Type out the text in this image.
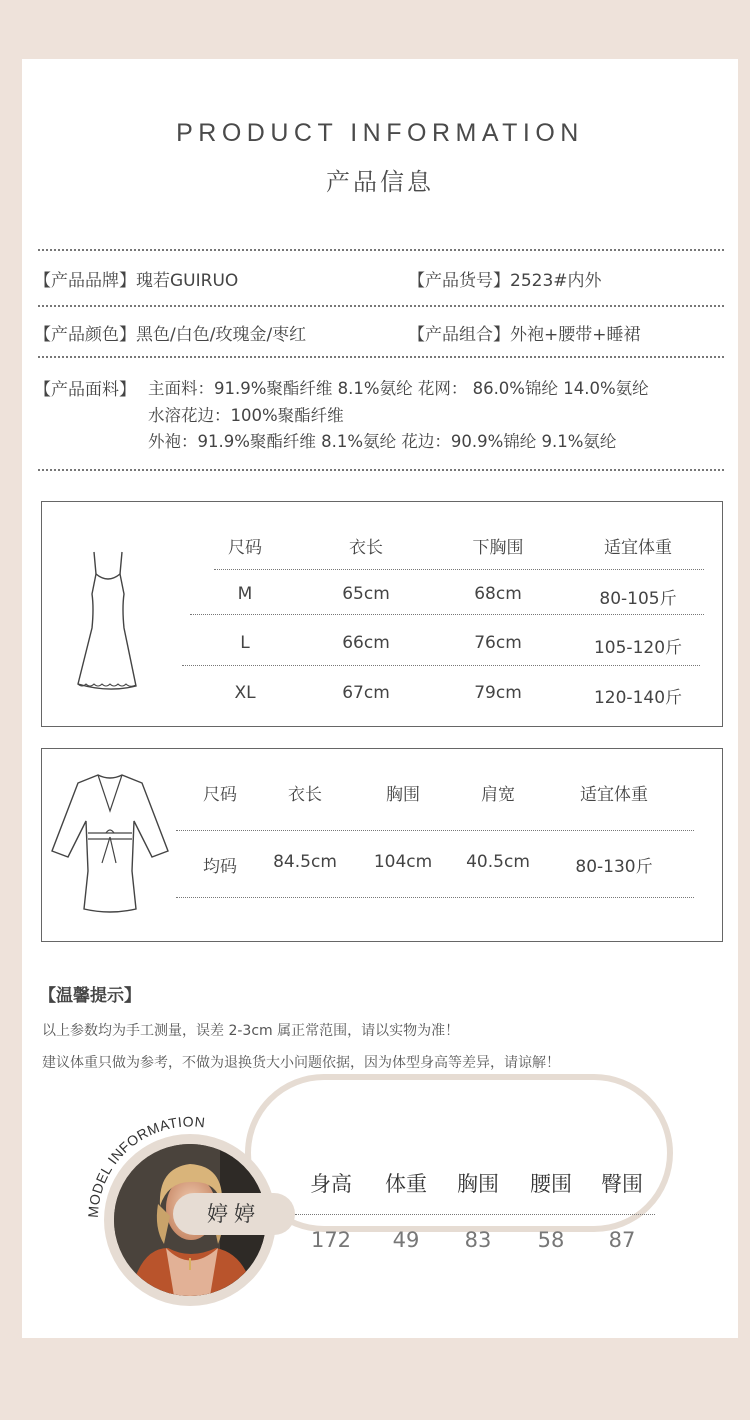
PRODUCT INFORMATION
产品信息
【产品品牌】瑰若GUIRUO	【产品货号】2523#内外
【产品颜色】黑色/白色/玫瑰金/枣红	【产品组合】外袍+腰带+睡裙
【产品面料】 主面料：91.9%聚酯纤维 8.1%氨纶 花网： 86.0%锦纶 14.0%氨纶
水溶花边：100%聚酯纤维
外袍：91.9%聚酯纤维 8.1%氨纶 花边：90.9%锦纶 9.1%氨纶
尺码	衣长	下胸围	适宜体重
M	65cm	68cm	80-105斤
L	66cm	76cm	105-120斤
XL	67cm	79cm	120-140斤
尺码	衣长	胸围	肩宽	适宜体重
均码 84.5cm 104cm 40.5cm	80-130斤
【温馨提示】
以上参数均为手工测量，误差 2-3cm 属正常范围，请以实物为准！
建议体重只做为参考，不做为退换货大小问题依据，因为体型身高等差异，请谅解！
MODEL INFORMATION
婷婷
身高 体重 胸围 腰围 臀围
172 49 83 58 87
